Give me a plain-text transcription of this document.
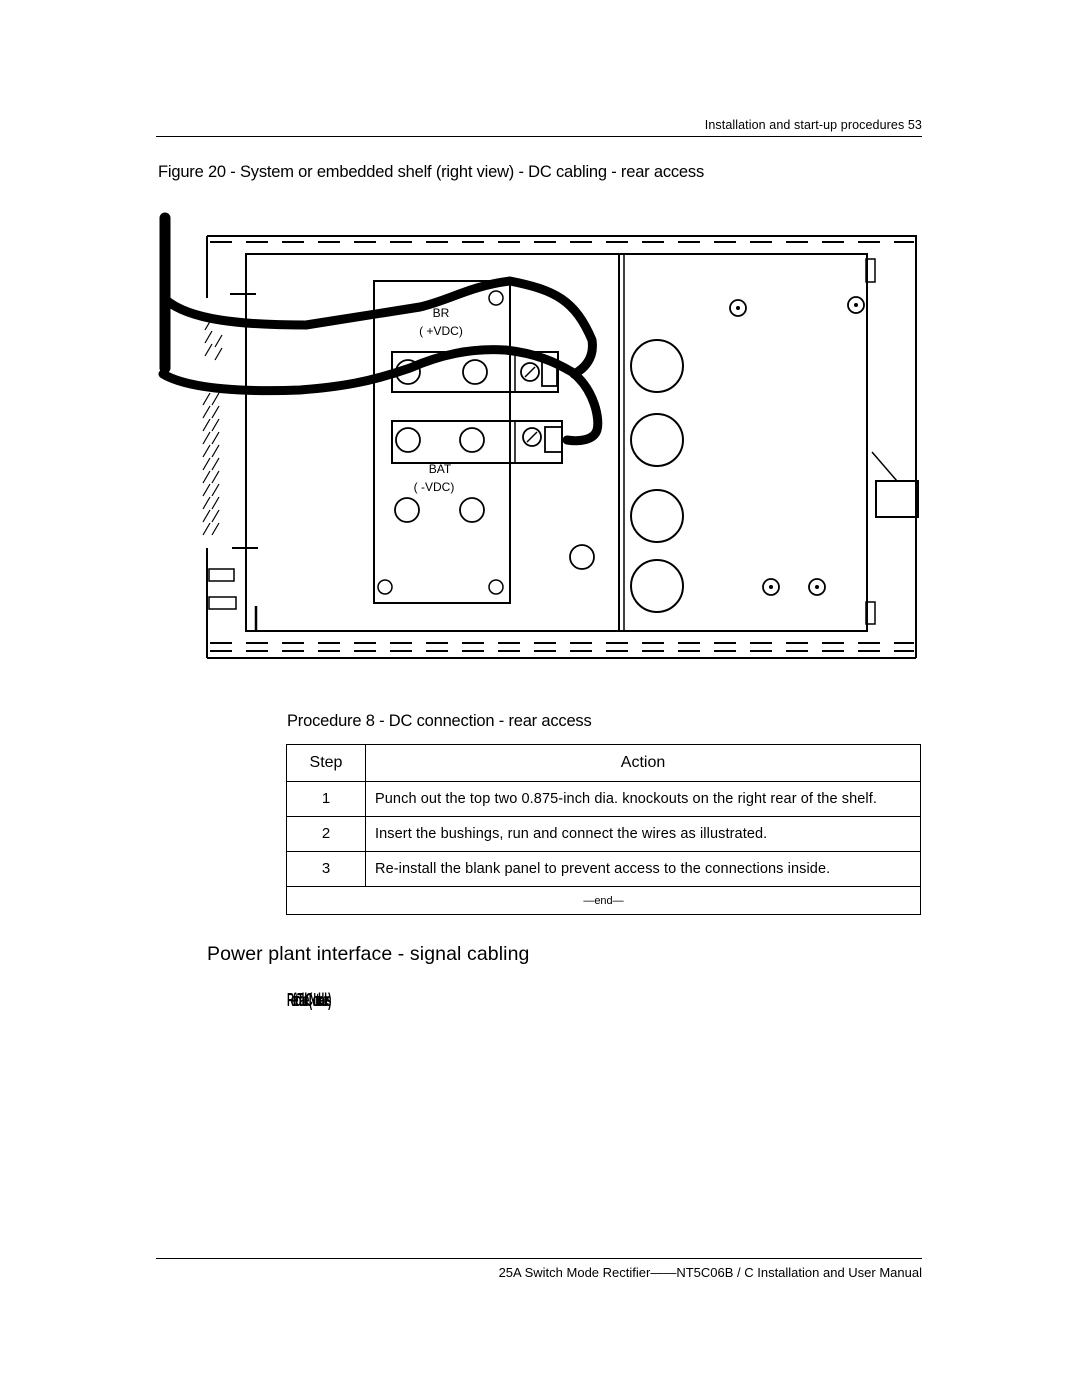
Installation and start-up procedures 53
Figure 20 - System or embedded shelf (right view) - DC cabling - rear access
BR
( +VDC)
BAT
( -VDC)
Procedure 8 - DC connection - rear access
Step	Action
1	Punch out the top two 0.875-inch dia. knockouts on the right rear of the shelf.
2	Insert the bushings, run and connect the wires as illustrated.
3	Re-install the blank panel to prevent access to the connections inside.
—end—	
Power plant interface - signal cabling
Refer to Table C (Nortel cables)
25A Switch Mode Rectifier——NT5C06B / C Installation and User Manual
